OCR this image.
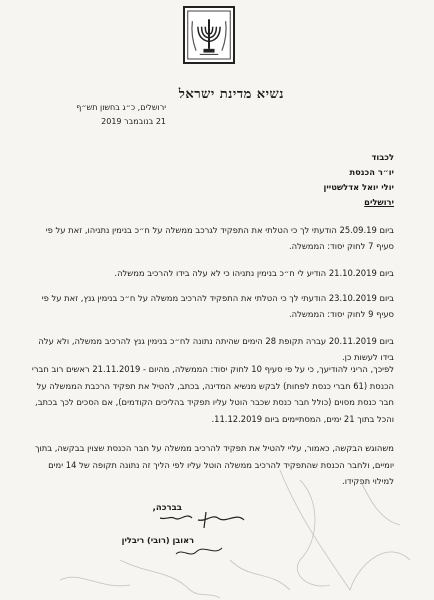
נשיא מדינת ישראל
ירושלים, כ״ג בחשון תש״ף
21 בנובמבר 2019
לכבוד
יו״ר הכנסת
יולי יואל אדלשטיין
ירושלים
ביום 25.09.19 הודעתי לך כי הטלתי את התפקיד לגרכב ממשלה על ח״כ בנימין נתניהו, זאת על פי סעיף 7 לחוק יסוד: הממשלה.
ביום 21.10.2019 הודיע לי ח״כ בנימין נתניהו כי לא עלה בידו להרכיב ממשלה.
ביום 23.10.2019 הודעתי לך כי הטלתי את התפקיד להרכיב ממשלה על ח״כ בנימין גנץ, זאת על פי סעיף 9 לחוק יסוד: הממשלה.
ביום 20.11.2019 עברה תקופת 28 הימים שהיתה נתונה לח״כ בנימין גנץ להרכיב ממשלה, ולא עלה בידו לעשות כן.
לפיכך, הריני להודיעך, כי על פי סעיף 10 לחוק יסוד: הממשלה, מהיום - 21.11.2019 ראשים רוב חברי הכנסת (61 חברי כנסת לפחות) לבקש מנשיא המדינה, בכתב, להטיל את תפקיד הרכבת הממשלה על חבר כנסת מסוים (כולל חבר כנסת שכבר הוטל עליו תפקיד בהליכים הקודמים), אם הסכים לכך בכתב, והכל בתוך 21 ימים, המסתיימים ביום 11.12.2019.
משהוגש הבקשה, כאמור, עליי להטיל את תפקיד להרכיב ממשלה על חבר הכנסת שצוין בבקשה, בתוך יומיים, ולחבר הכנסת שהתפקיד להרכיב ממשלה הוטל עליו לפי הליך זה נתונה תקופה של 14 ימים למילוי תפקידו.
בברכה,
ראובן (רובי) ריבלין
